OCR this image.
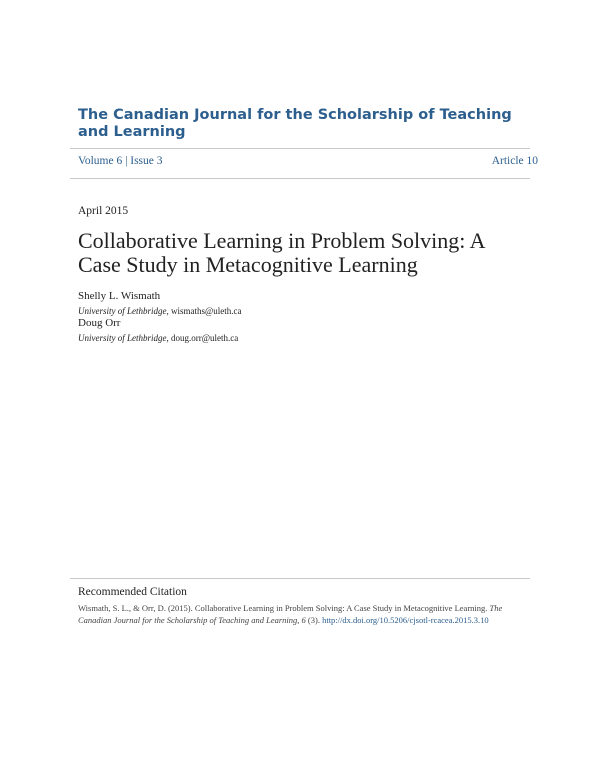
The Canadian Journal for the Scholarship of Teaching and Learning
Volume 6 | Issue 3	Article 10
April 2015
Collaborative Learning in Problem Solving: A Case Study in Metacognitive Learning
Shelly L. Wismath
University of Lethbridge, wismaths@uleth.ca
Doug Orr
University of Lethbridge, doug.orr@uleth.ca
Recommended Citation
Wismath, S. L., & Orr, D. (2015). Collaborative Learning in Problem Solving: A Case Study in Metacognitive Learning. The Canadian Journal for the Scholarship of Teaching and Learning, 6 (3). http://dx.doi.org/10.5206/cjsotl-rcacea.2015.3.10
